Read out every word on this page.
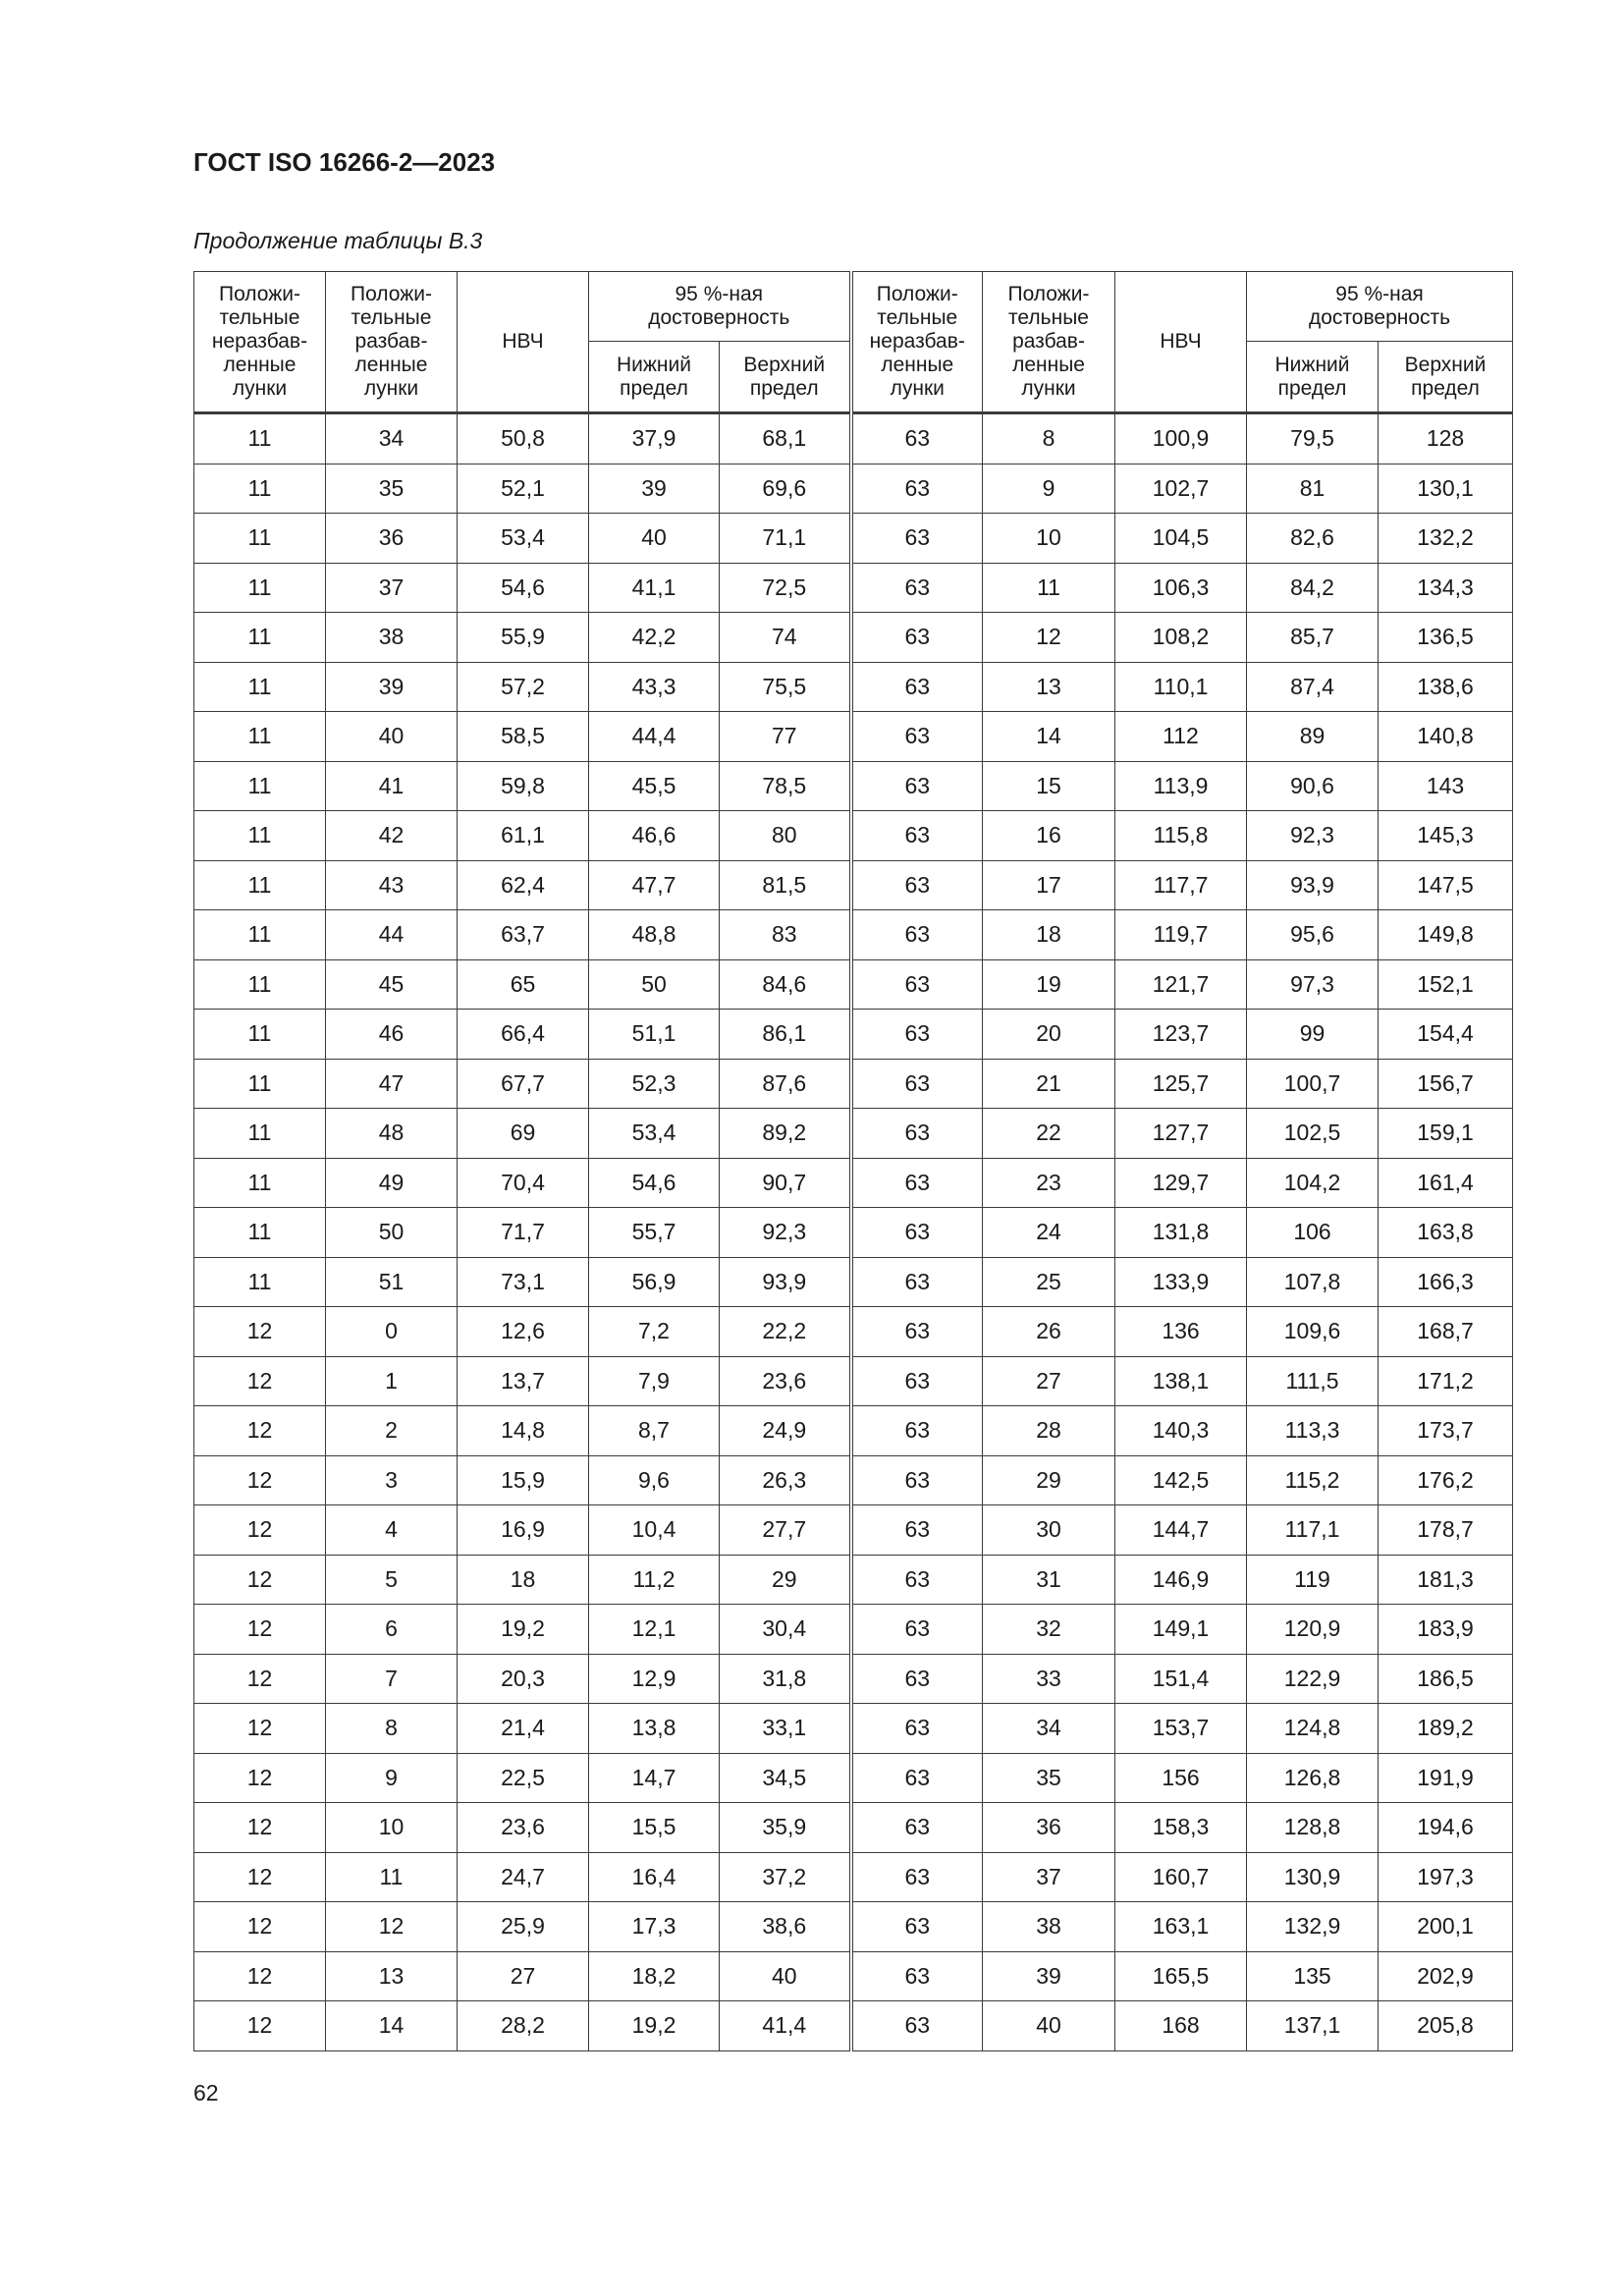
ГОСТ ISO 16266-2—2023

Продолжение таблицы В.3

Положи-
тельные
неразбав-
ленные
лунки	Положи-
тельные
разбав-
ленные
лунки	НВЧ	95 %-ная
достоверность		Положи-
тельные
неразбав-
ленные
лунки	Положи-
тельные
разбав-
ленные
лунки	НВЧ	95 %-ная
достоверность	
			Нижний
предел	Верхний
предел				Нижний
предел	Верхний
предел
11	34	50,8	37,9	68,1	63	8	100,9	79,5	128
11	35	52,1	39	69,6	63	9	102,7	81	130,1
11	36	53,4	40	71,1	63	10	104,5	82,6	132,2
11	37	54,6	41,1	72,5	63	11	106,3	84,2	134,3
11	38	55,9	42,2	74	63	12	108,2	85,7	136,5
11	39	57,2	43,3	75,5	63	13	110,1	87,4	138,6
11	40	58,5	44,4	77	63	14	112	89	140,8
11	41	59,8	45,5	78,5	63	15	113,9	90,6	143
11	42	61,1	46,6	80	63	16	115,8	92,3	145,3
11	43	62,4	47,7	81,5	63	17	117,7	93,9	147,5
11	44	63,7	48,8	83	63	18	119,7	95,6	149,8
11	45	65	50	84,6	63	19	121,7	97,3	152,1
11	46	66,4	51,1	86,1	63	20	123,7	99	154,4
11	47	67,7	52,3	87,6	63	21	125,7	100,7	156,7
11	48	69	53,4	89,2	63	22	127,7	102,5	159,1
11	49	70,4	54,6	90,7	63	23	129,7	104,2	161,4
11	50	71,7	55,7	92,3	63	24	131,8	106	163,8
11	51	73,1	56,9	93,9	63	25	133,9	107,8	166,3
12	0	12,6	7,2	22,2	63	26	136	109,6	168,7
12	1	13,7	7,9	23,6	63	27	138,1	111,5	171,2
12	2	14,8	8,7	24,9	63	28	140,3	113,3	173,7
12	3	15,9	9,6	26,3	63	29	142,5	115,2	176,2
12	4	16,9	10,4	27,7	63	30	144,7	117,1	178,7
12	5	18	11,2	29	63	31	146,9	119	181,3
12	6	19,2	12,1	30,4	63	32	149,1	120,9	183,9
12	7	20,3	12,9	31,8	63	33	151,4	122,9	186,5
12	8	21,4	13,8	33,1	63	34	153,7	124,8	189,2
12	9	22,5	14,7	34,5	63	35	156	126,8	191,9
12	10	23,6	15,5	35,9	63	36	158,3	128,8	194,6
12	11	24,7	16,4	37,2	63	37	160,7	130,9	197,3
12	12	25,9	17,3	38,6	63	38	163,1	132,9	200,1
12	13	27	18,2	40	63	39	165,5	135	202,9
12	14	28,2	19,2	41,4	63	40	168	137,1	205,8
62
